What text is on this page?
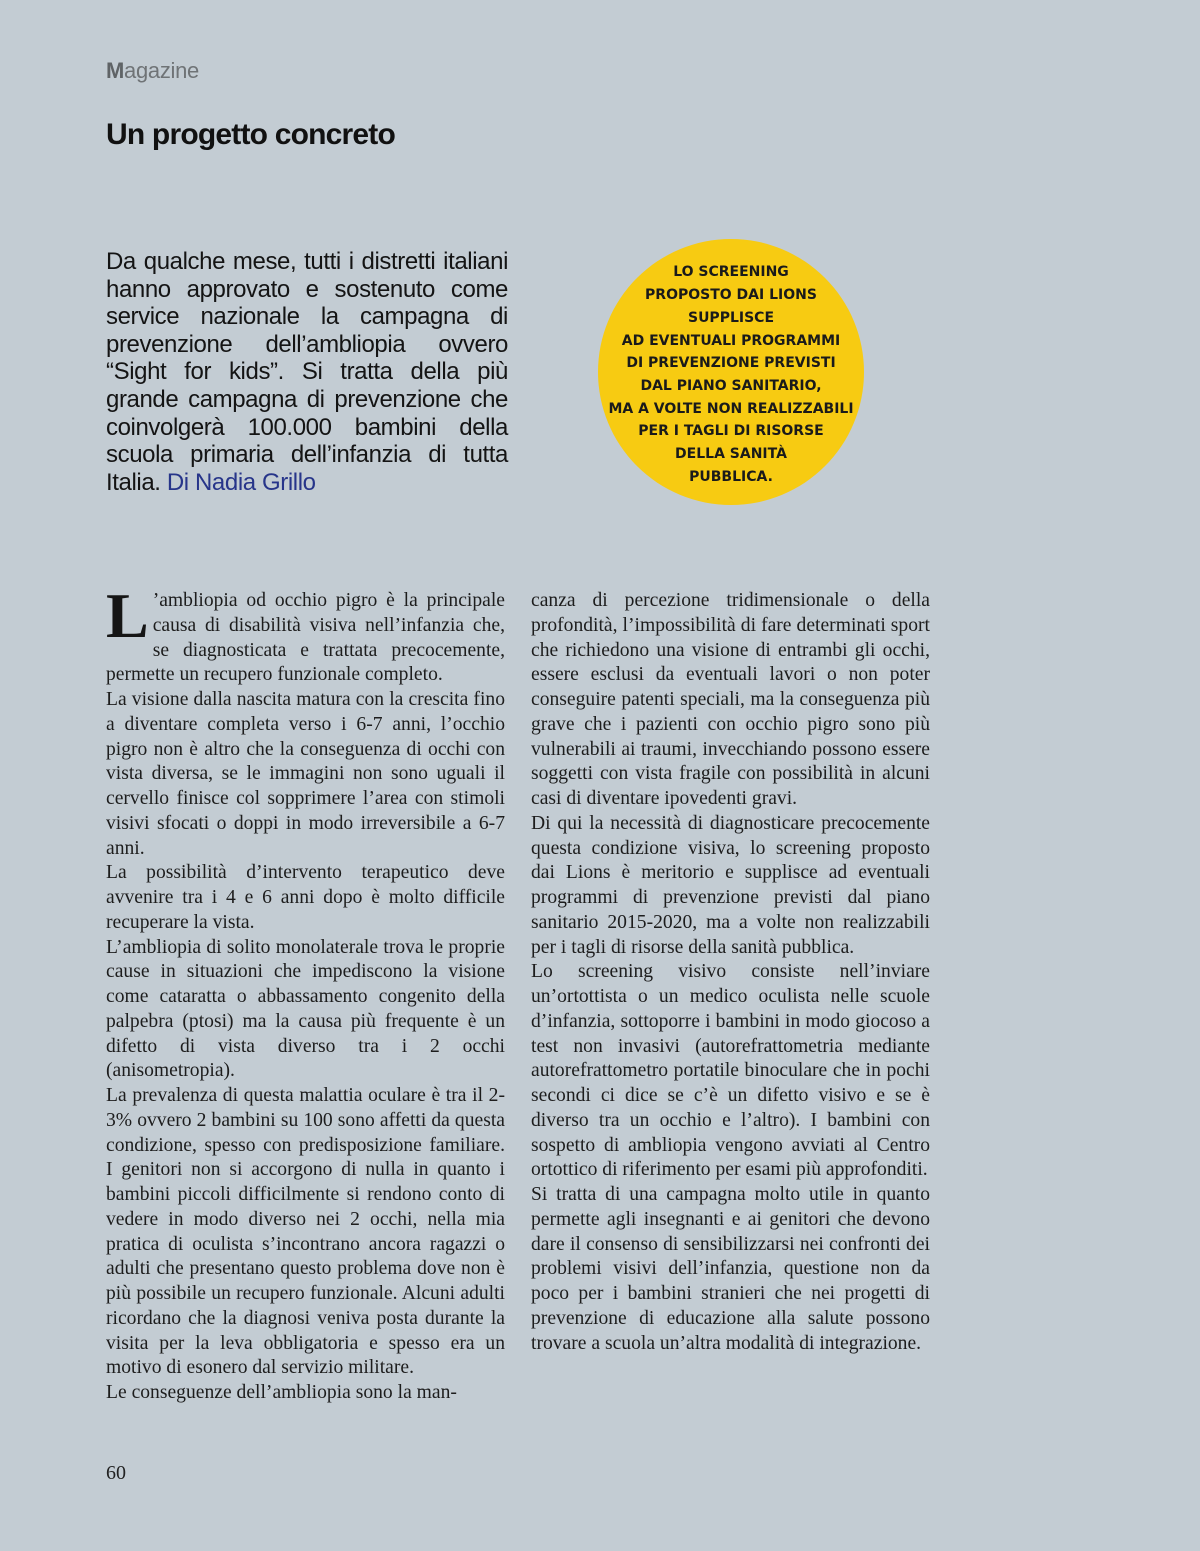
Magazine
Un progetto concreto

Da qualche mese, tutti i distretti italiani hanno approvato e sostenuto come service nazionale la campagna di prevenzione dell’ambliopia ovvero “Sight for kids”. Si tratta della più grande campagna di prevenzione che coinvolgerà 100.000 bambini della scuola primaria dell’infanzia di tutta Italia. Di Nadia Grillo

LO SCREENING
PROPOSTO DAI LIONS
SUPPLISCE
AD EVENTUALI PROGRAMMI
DI PREVENZIONE PREVISTI
DAL PIANO SANITARIO,
MA A VOLTE NON REALIZZABILI
PER I TAGLI DI RISORSE
DELLA SANITÀ
PUBBLICA.

L ’ambliopia od occhio pigro è la principale causa di disabilità visiva nell’infanzia che, se diagnosticata e trattata precocemente, permette un recupero funzionale completo.

La visione dalla nascita matura con la crescita fino a diventare completa verso i 6-7 anni, l’occhio pigro non è altro che la conseguenza di occhi con vista diversa, se le immagini non sono uguali il cervello finisce col sopprimere l’area con stimoli visivi sfocati o doppi in modo irreversibile a 6-7 anni.

La possibilità d’intervento terapeutico deve avvenire tra i 4 e 6 anni dopo è molto difficile recuperare la vista.

L’ambliopia di solito monolaterale trova le proprie cause in situazioni che impediscono la visione come cataratta o abbassamento congenito della palpebra (ptosi) ma la causa più frequente è un difetto di vista diverso tra i 2 occhi (anisometropia).

La prevalenza di questa malattia oculare è tra il 2-3% ovvero 2 bambini su 100 sono affetti da questa condizione, spesso con predisposizione familiare. I genitori non si accorgono di nulla in quanto i bambini piccoli difficilmente si rendono conto di vedere in modo diverso nei 2 occhi, nella mia pratica di oculista s’incontrano ancora ragazzi o adulti che presentano questo problema dove non è più possibile un recupero funzionale. Alcuni adulti ricordano che la diagnosi veniva posta durante la visita per la leva obbligatoria e spesso era un motivo di esonero dal servizio militare.

Le conseguenze dell’ambliopia sono la man-

canza di percezione tridimensionale o della profondità, l’impossibilità di fare determinati sport che richiedono una visione di entrambi gli occhi, essere esclusi da eventuali lavori o non poter conseguire patenti speciali, ma la conseguenza più grave che i pazienti con occhio pigro sono più vulnerabili ai traumi, invecchiando possono essere soggetti con vista fragile con possibilità in alcuni casi di diventare ipovedenti gravi.

Di qui la necessità di diagnosticare precocemente questa condizione visiva, lo screening proposto dai Lions è meritorio e supplisce ad eventuali programmi di prevenzione previsti dal piano sanitario 2015-2020, ma a volte non realizzabili per i tagli di risorse della sanità pubblica.

Lo screening visivo consiste nell’inviare un’ortottista o un medico oculista nelle scuole d’infanzia, sottoporre i bambini in modo giocoso a test non invasivi (autorefrattometria mediante autorefrattometro portatile binoculare che in pochi secondi ci dice se c’è un difetto visivo e se è diverso tra un occhio e l’altro). I bambini con sospetto di ambliopia vengono avviati al Centro ortottico di riferimento per esami più approfonditi.

Si tratta di una campagna molto utile in quanto permette agli insegnanti e ai genitori che devono dare il consenso di sensibilizzarsi nei confronti dei problemi visivi dell’infanzia, questione non da poco per i bambini stranieri che nei progetti di prevenzione di educazione alla salute possono trovare a scuola un’altra modalità di integrazione.

60
